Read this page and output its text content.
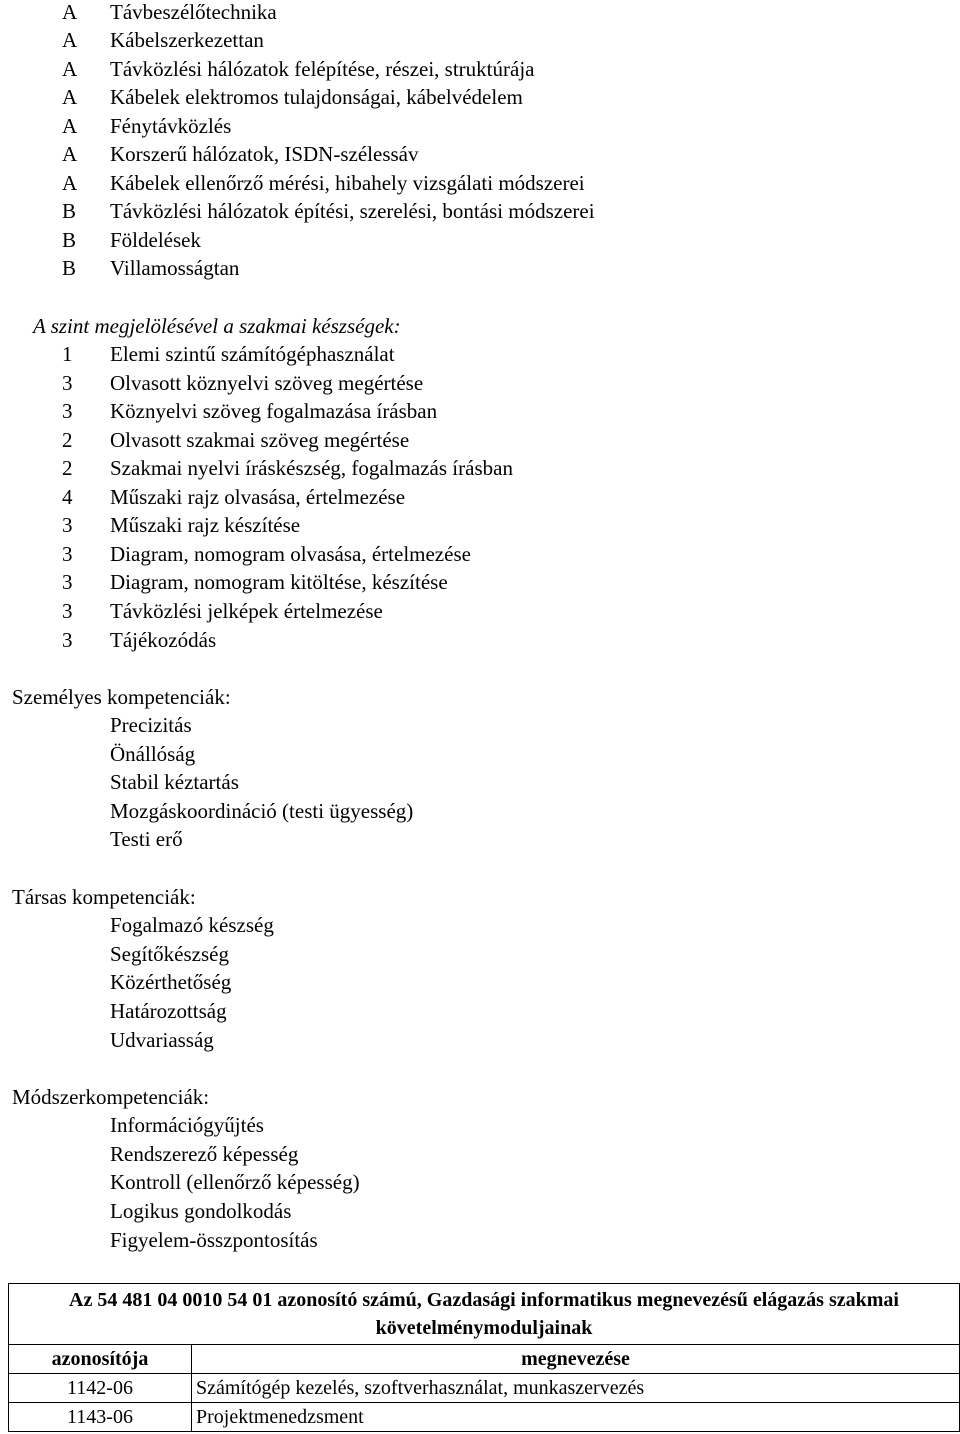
A	Távbeszélőtechnika
A	Kábelszerkezettan
A	Távközlési hálózatok felépítése, részei, struktúrája
A	Kábelek elektromos tulajdonságai, kábelvédelem
A	Fénytávközlés
A	Korszerű hálózatok, ISDN-szélessáv
A	Kábelek ellenőrző mérési, hibahely vizsgálati módszerei
B	Távközlési hálózatok építési, szerelési, bontási módszerei
B	Földelések
B	Villamosságtan
A szint megjelölésével a szakmai készségek:
1	Elemi szintű számítógéphasználat
3	Olvasott köznyelvi szöveg megértése
3	Köznyelvi szöveg fogalmazása írásban
2	Olvasott szakmai szöveg megértése
2	Szakmai nyelvi íráskészség, fogalmazás írásban
4	Műszaki rajz olvasása, értelmezése
3	Műszaki rajz készítése
3	Diagram, nomogram olvasása, értelmezése
3	Diagram, nomogram kitöltése, készítése
3	Távközlési jelképek értelmezése
3	Tájékozódás
Személyes kompetenciák:
Precizitás
Önállóság
Stabil kéztartás
Mozgáskoordináció (testi ügyesség)
Testi erő
Társas kompetenciák:
Fogalmazó készség
Segítőkészség
Közérthetőség
Határozottság
Udvariasság
Módszerkompetenciák:
Információgyűjtés
Rendszerező képesség
Kontroll (ellenőrző képesség)
Logikus gondolkodás
Figyelem-összpontosítás
Az 54 481 04 0010 54 01 azonosító számú, Gazdasági informatikus megnevezésű elágazás szakmai követelménymoduljainak	
azonosítója	megnevezése
1142-06	Számítógép kezelés, szoftverhasználat, munkaszervezés
1143-06	Projektmenedzsment
